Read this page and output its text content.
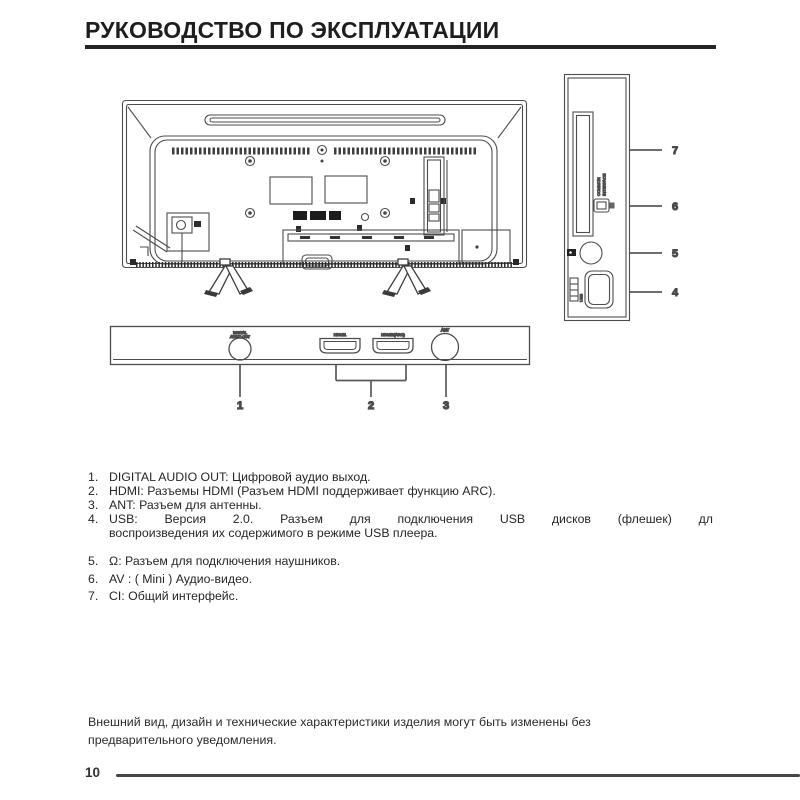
РУКОВОДСТВО ПО ЭКСПЛУАТАЦИИ
COMMON INTERFACE
USB
7
6
5
4
DIGITAL
AUDIO OUT	HDMI1	HDMI2(ARC)
ANT
1	2	3
1. DIGITAL AUDIO OUT: Цифровой аудио выход.
2. HDMI: Разъемы HDMI (Разъем HDMI поддерживает функцию ARC).
3. ANT: Разъем для антенны.
4. USB: Версия 2.0. Разъем для подключения USB дисков (флешек) дл
воспроизведения их содержимого в режиме USB плеера.
5. Ω: Разъем для подключения наушников.
6. AV : ( Mini ) Аудио-видео.
7. CI: Общий интерфейс.
Внешний вид, дизайн и технические характеристики изделия могут быть изменены без
предварительного уведомления.
10
